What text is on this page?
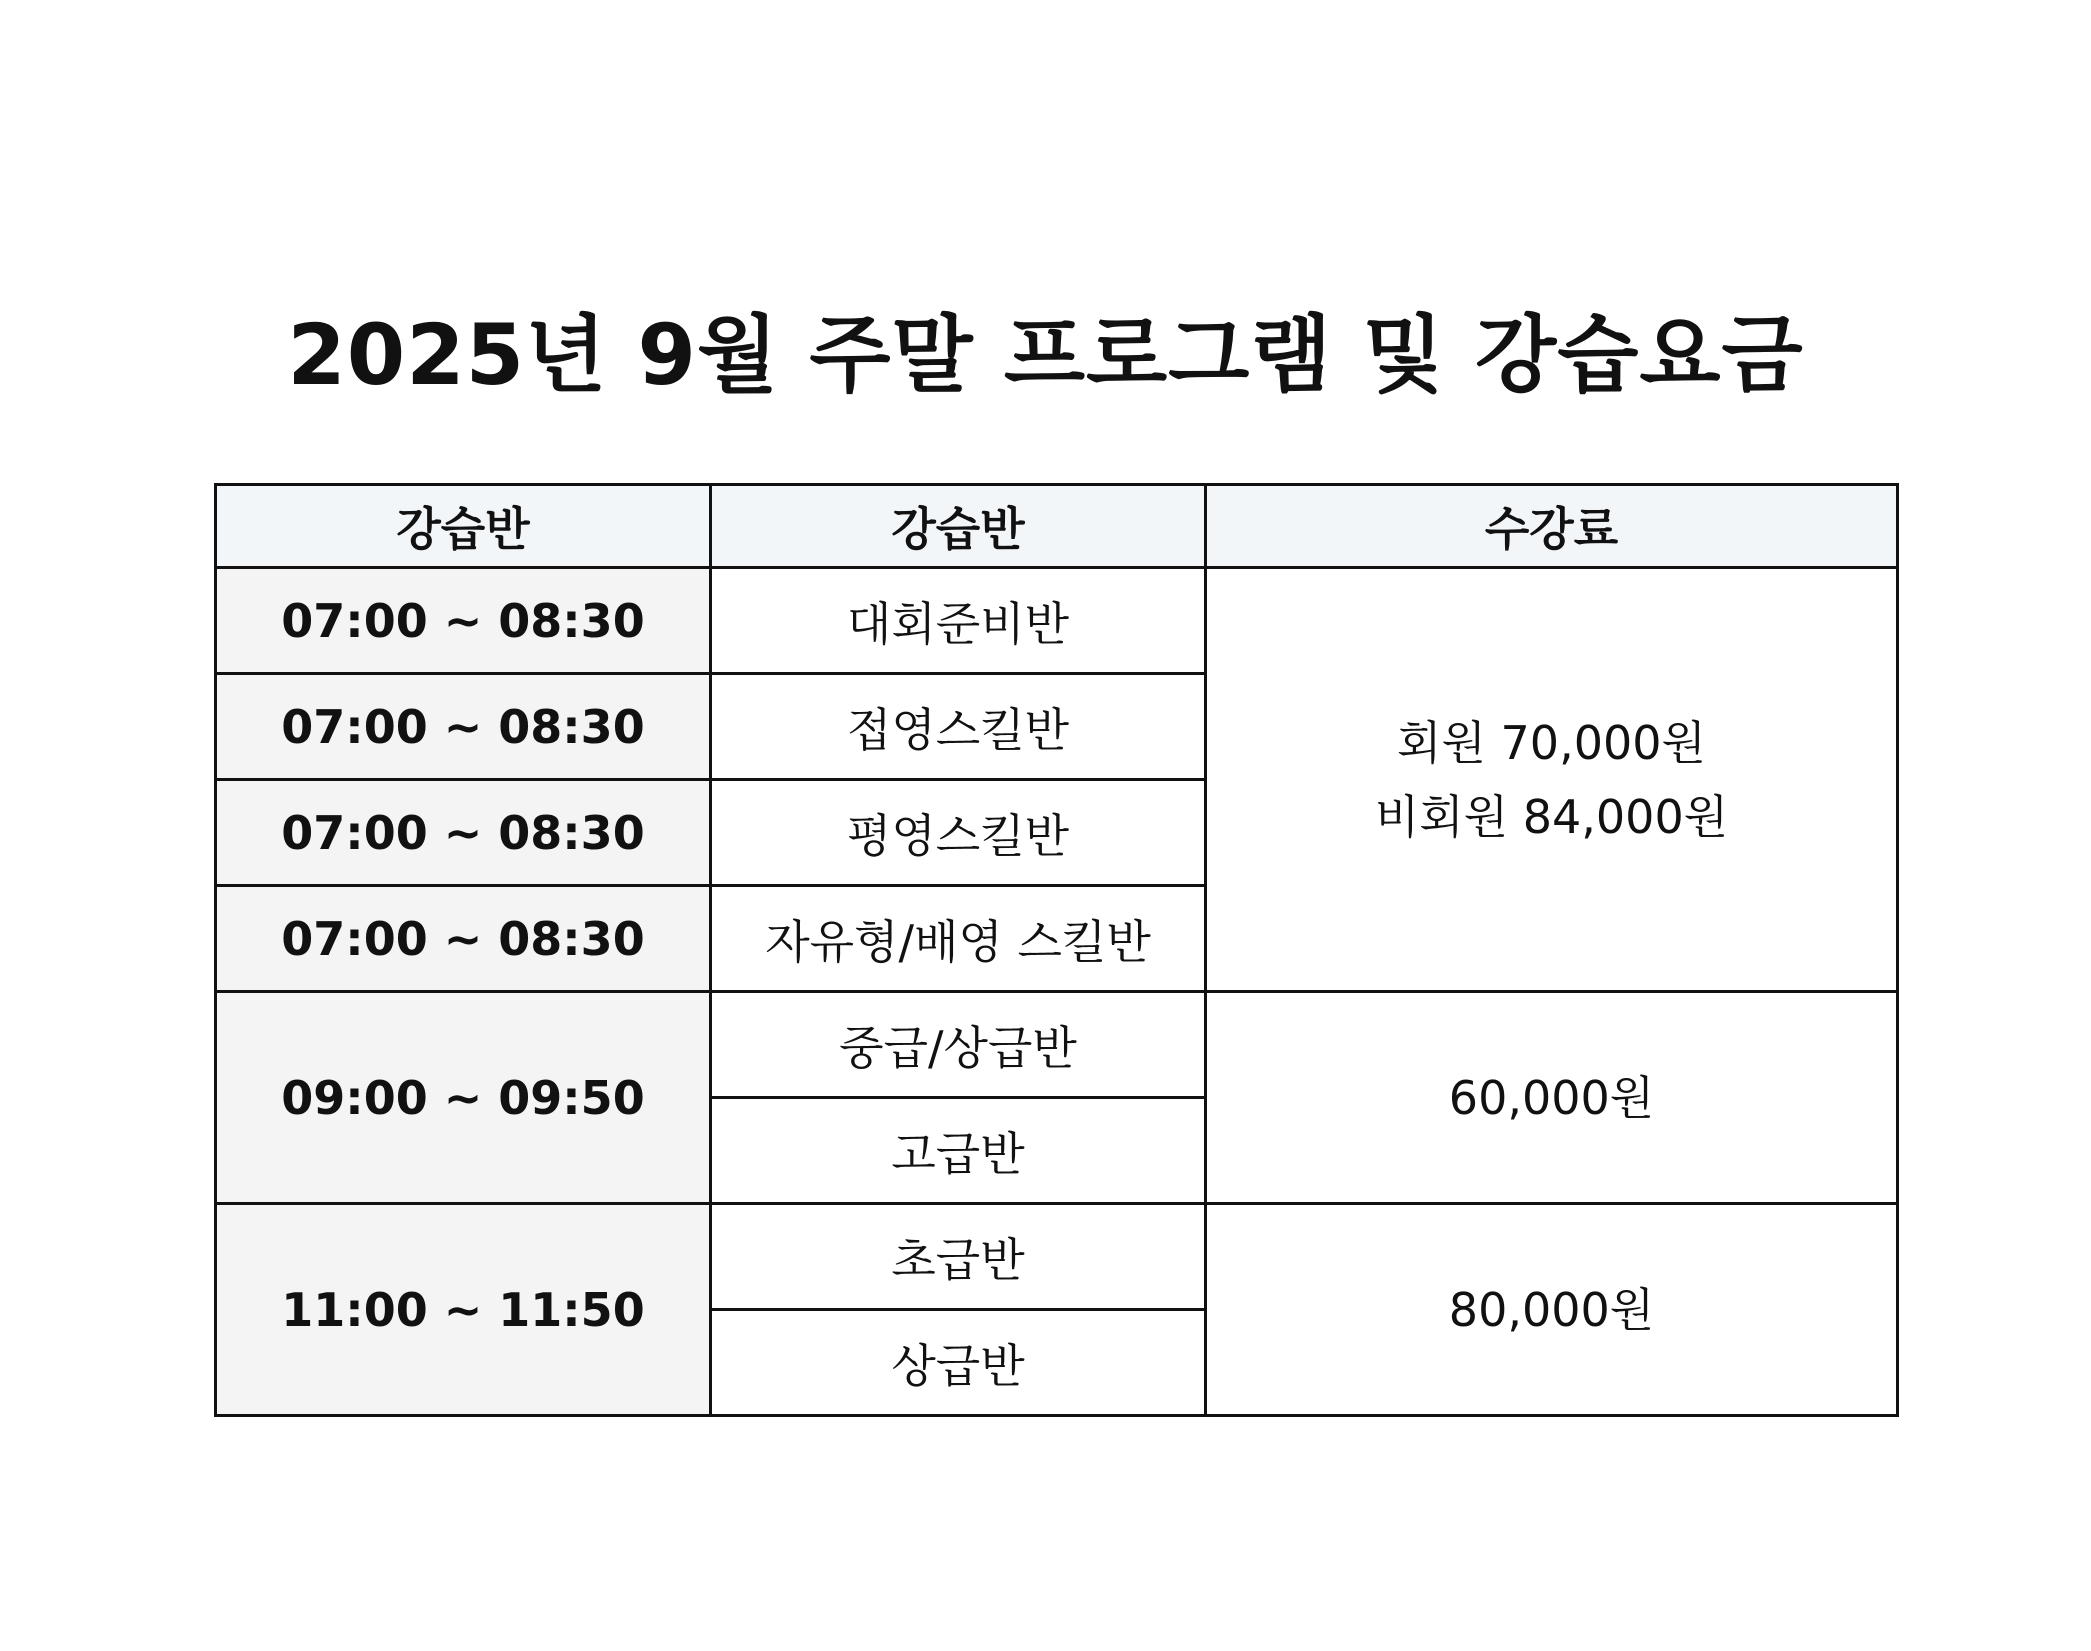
2025년 9월 주말 프로그램 및 강습요금
강습반	강습반	수강료
07:00 ~ 08:30	대회준비반	회원 70,000원
비회원 84,000원

07:00 ~ 08:30	접영스킬반	
07:00 ~ 08:30	평영스킬반	
07:00 ~ 08:30	자유형/배영 스킬반	
09:00 ~ 09:50	중급/상급반	60,000원

	고급반	
11:00 ~ 11:50	초급반	80,000원

	상급반	
